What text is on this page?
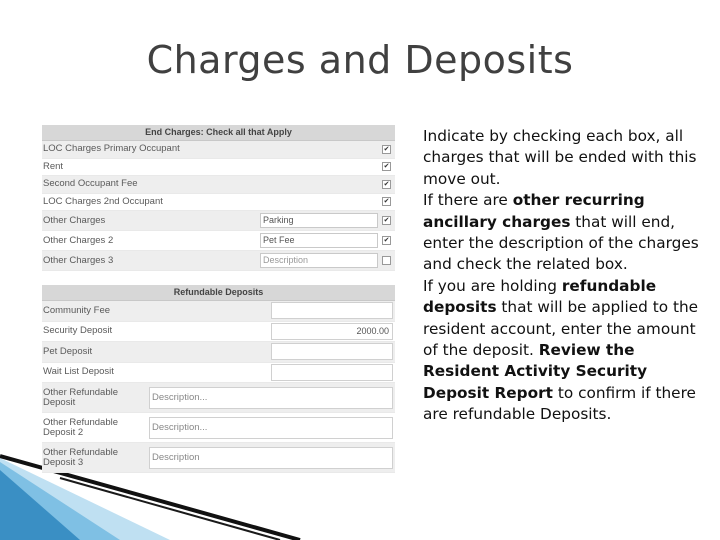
Charges and Deposits
End Charges: Check all that Apply
LOC Charges Primary Occupant	✔
Rent	✔
Second Occupant Fee	✔
LOC Charges 2nd Occupant	✔
Other Charges	Parking	✔
Other Charges 2	Pet Fee	✔
Other Charges 3	Description
Refundable Deposits
Community Fee
Security Deposit	2000.00
Pet Deposit
Wait List Deposit
Other Refundable
Deposit	Description...
Other Refundable
Deposit 2	Description...
Other Refundable
Deposit 3	Description
Indicate by checking each box, all charges that will be ended with this move out.
If there are other recurring ancillary charges that will end, enter the description of the charges and check the related box.
If you are holding refundable deposits that will be applied to the resident account, enter the amount of the deposit. Review the Resident Activity Security Deposit Report to confirm if there are refundable Deposits.
